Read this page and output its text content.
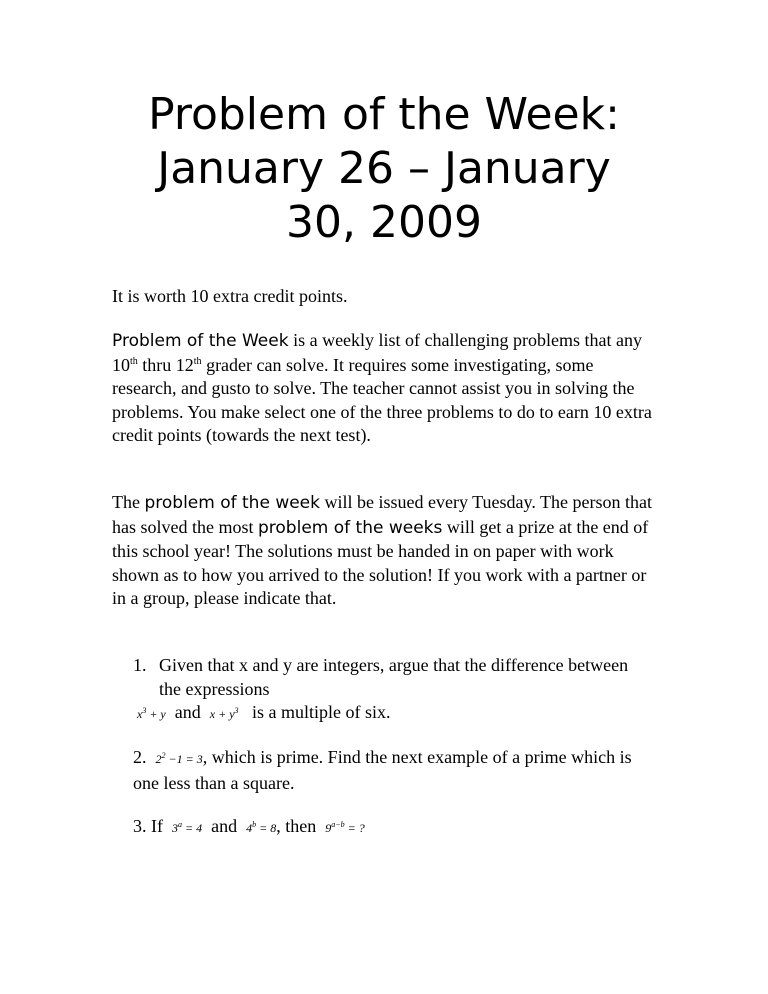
Problem of the Week:
January 26 – January
30, 2009

It is worth 10 extra credit points.

Problem of the Week is a weekly list of challenging problems that any 10th thru 12th grader can solve. It requires some investigating, some research, and gusto to solve. The teacher cannot assist you in solving the problems. You make select one of the three problems to do to earn 10 extra credit points (towards the next test).

The problem of the week will be issued every Tuesday. The person that has solved the most problem of the weeks will get a prize at the end of this school year! The solutions must be handed in on paper with work shown as to how you arrived to the solution! If you work with a partner or in a group, please indicate that.

1. Given that x and y are integers, argue that the difference between the expressions
$x^3 + y$ and $x + y^3$ is a multiple of six.

2. $2^2 -1 = 3$, which is prime. Find the next example of a prime which is one less than a square.

3. If $3^a = 4$ and $4^b = 8$, then $9^{a-b}$ = ?
